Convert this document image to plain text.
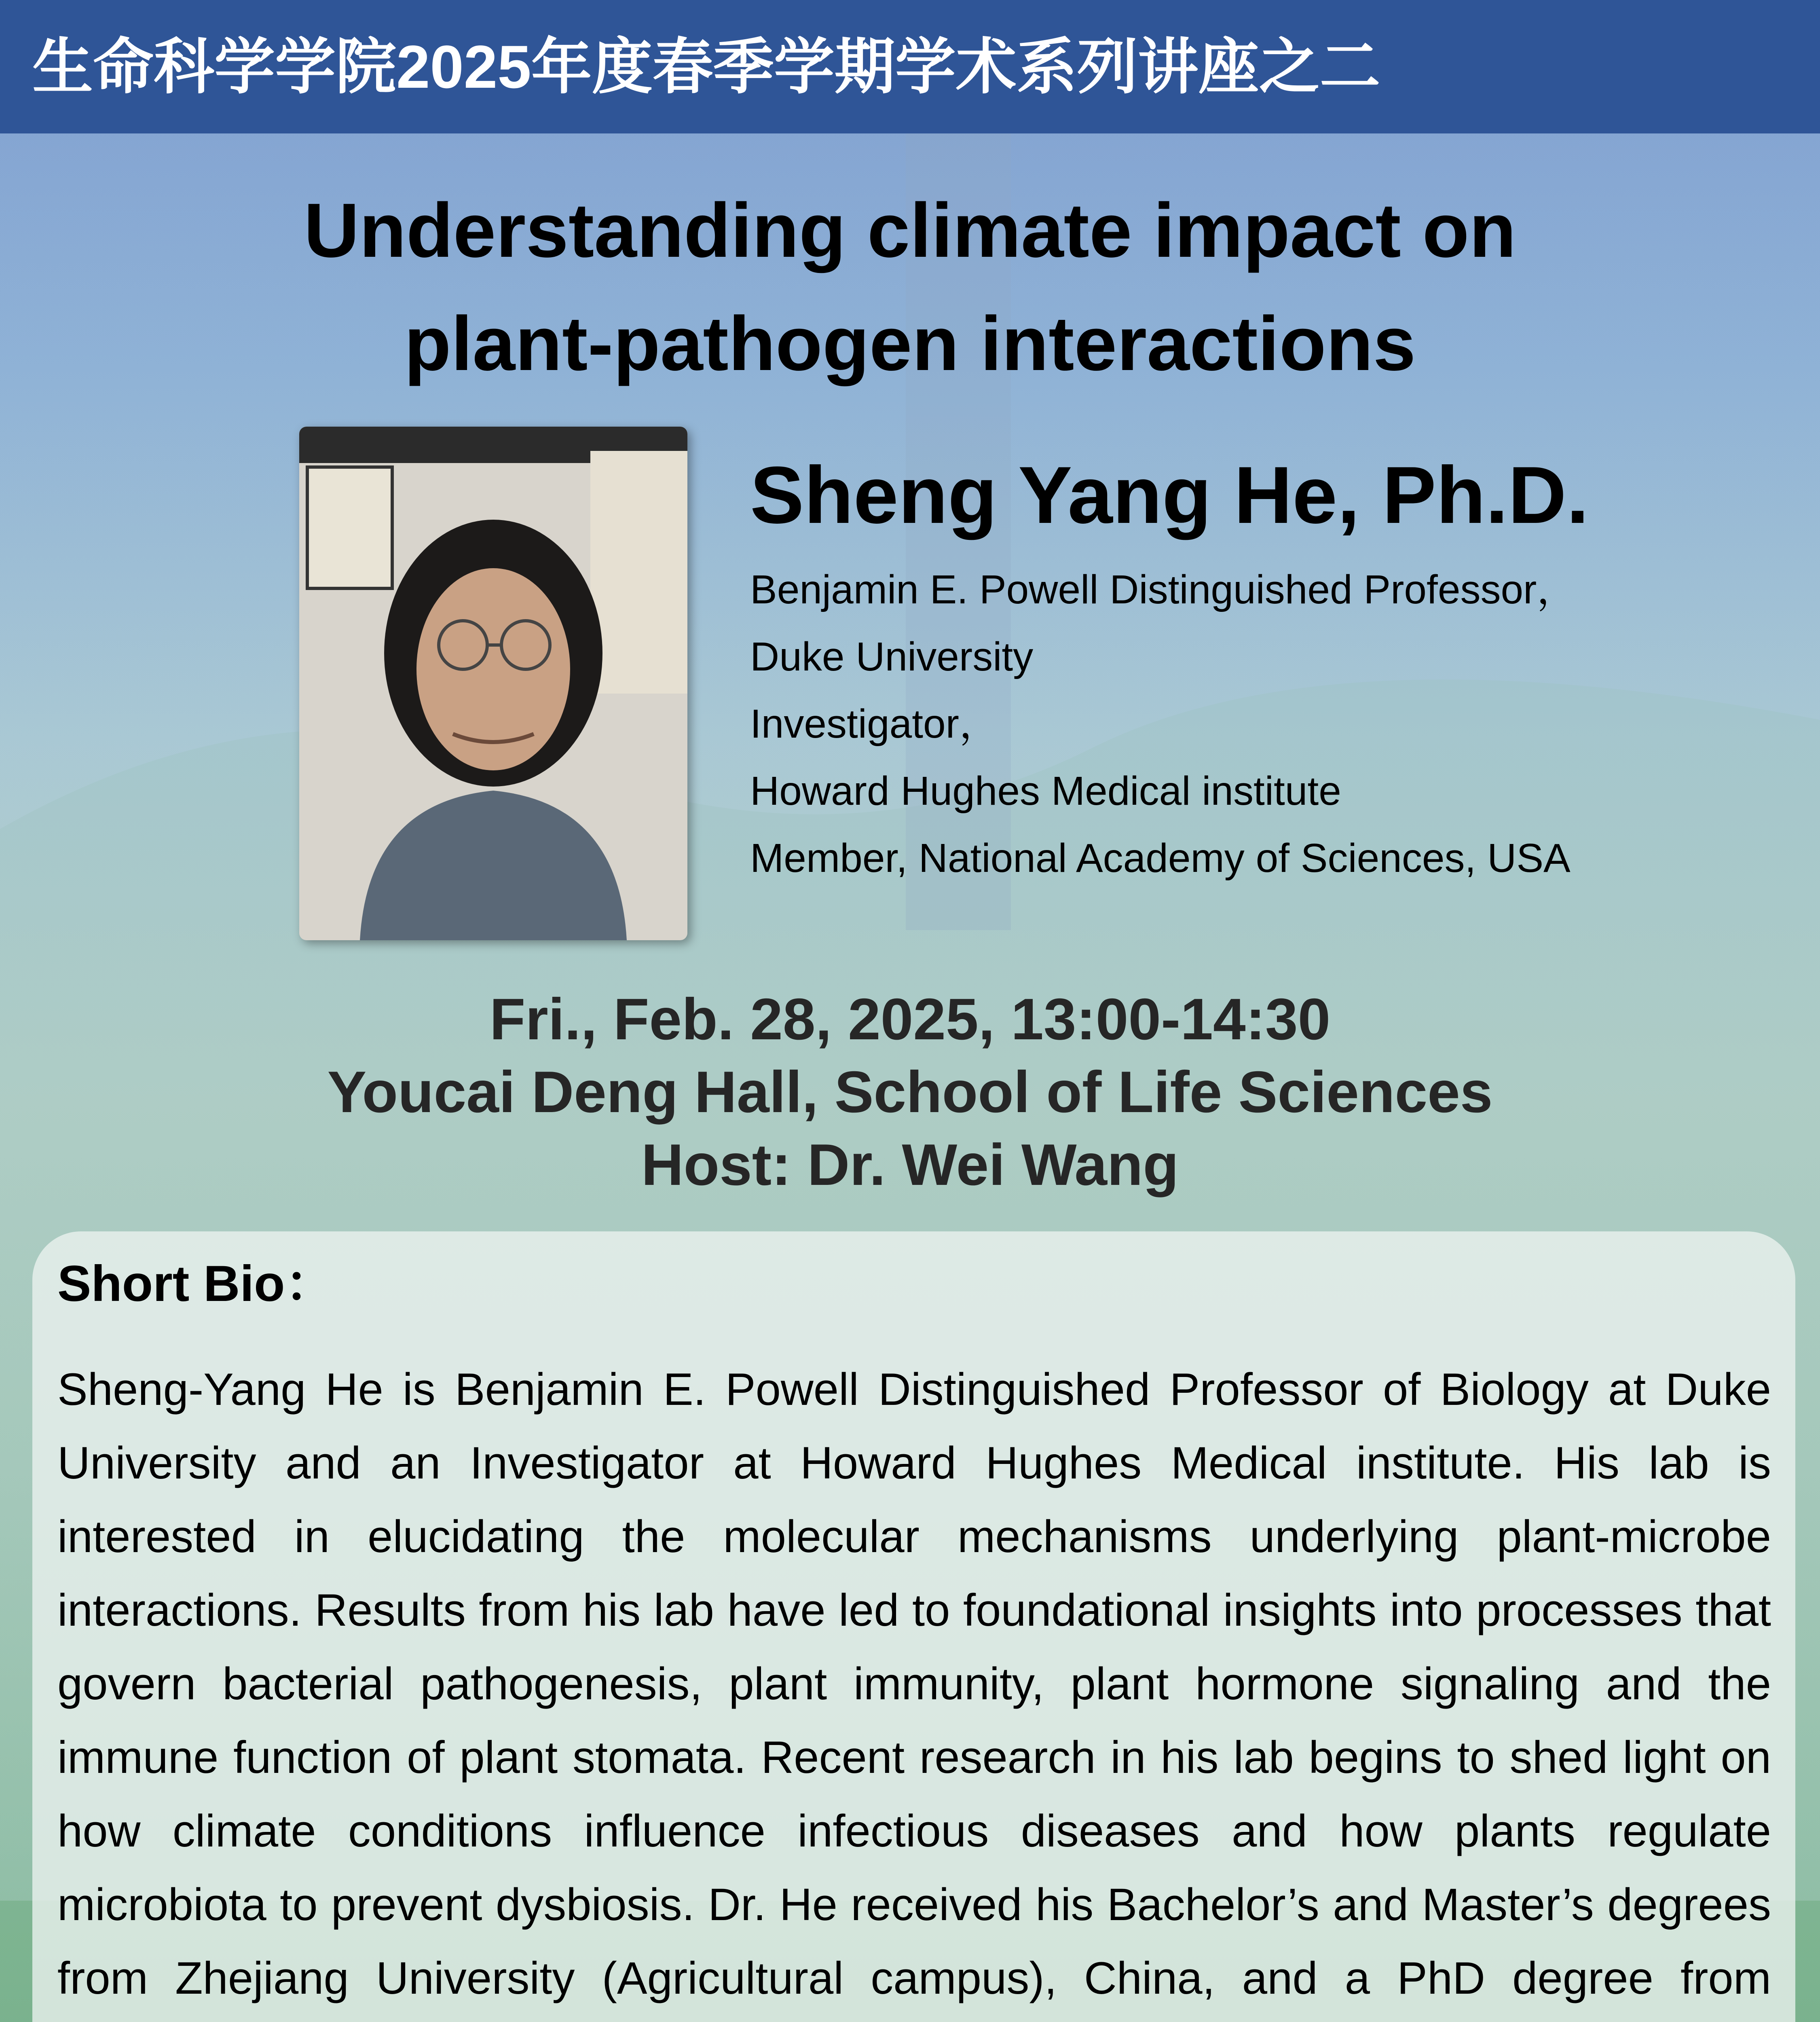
生命科学学院2025年度春季学期学术系列讲座之二
Understanding climate impact on
plant-pathogen interactions
Sheng Yang He, Ph.D.
Benjamin E. Powell Distinguished Professor，
Duke University
Investigator，
Howard Hughes Medical institute
Member, National Academy of Sciences, USA
Fri., Feb. 28, 2025, 13:00-14:30
Youcai Deng Hall, School of Life Sciences
Host: Dr. Wei Wang
Short Bio：
Sheng-Yang He is Benjamin E. Powell Distinguished Professor of Biology at Duke University and an Investigator at Howard Hughes Medical institute. His lab is interested in elucidating the molecular mechanisms underlying plant-microbe interactions. Results from his lab have led to foundational insights into processes that govern bacterial pathogenesis, plant immunity, plant hormone signaling and the immune function of plant stomata. Recent research in his lab begins to shed light on how climate conditions influence infectious diseases and how plants regulate microbiota to prevent dysbiosis. Dr. He received his Bachelor’s and Master’s degrees from Zhejiang University (Agricultural campus), China, and a PhD degree from
